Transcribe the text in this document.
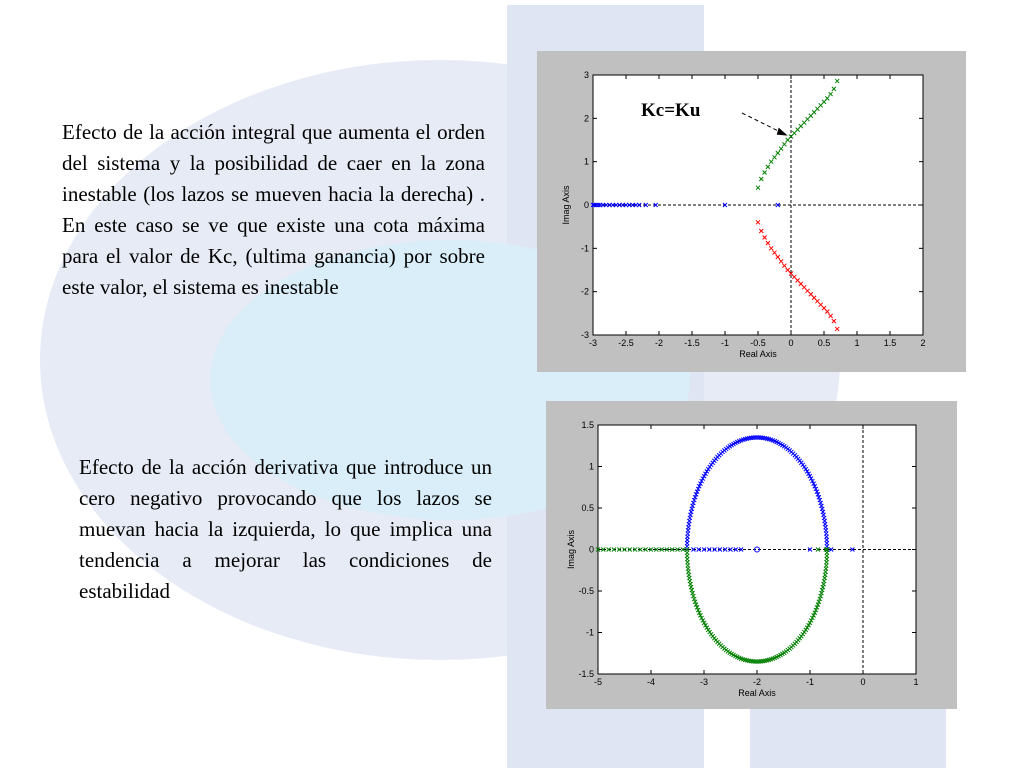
Efecto de la acción integral que aumenta el orden del sistema y la posibilidad de caer en la zona inestable (los lazos se mueven hacia la derecha) . En este caso se ve que existe una cota máxima para el valor de Kc, (ultima ganancia) por sobre este valor, el sistema es inestable

Efecto de la acción derivativa que introduce un cero negativo provocando que los lazos se muevan hacia la izquierda, lo que implica una tendencia a mejorar las condiciones de estabilidad

-3 -2.5 -2 -1.5 -1 -0.5	0	0.5	1	1.5	2
3
2
1
0
-1
-2
-3
Real Axis
Imag Axis
Kc=Ku
-5	-4	-3	-2	-1	0	1
1.5
1
0.5
0
-0.5
-1
-1.5
Real Axis
Imag Axis
